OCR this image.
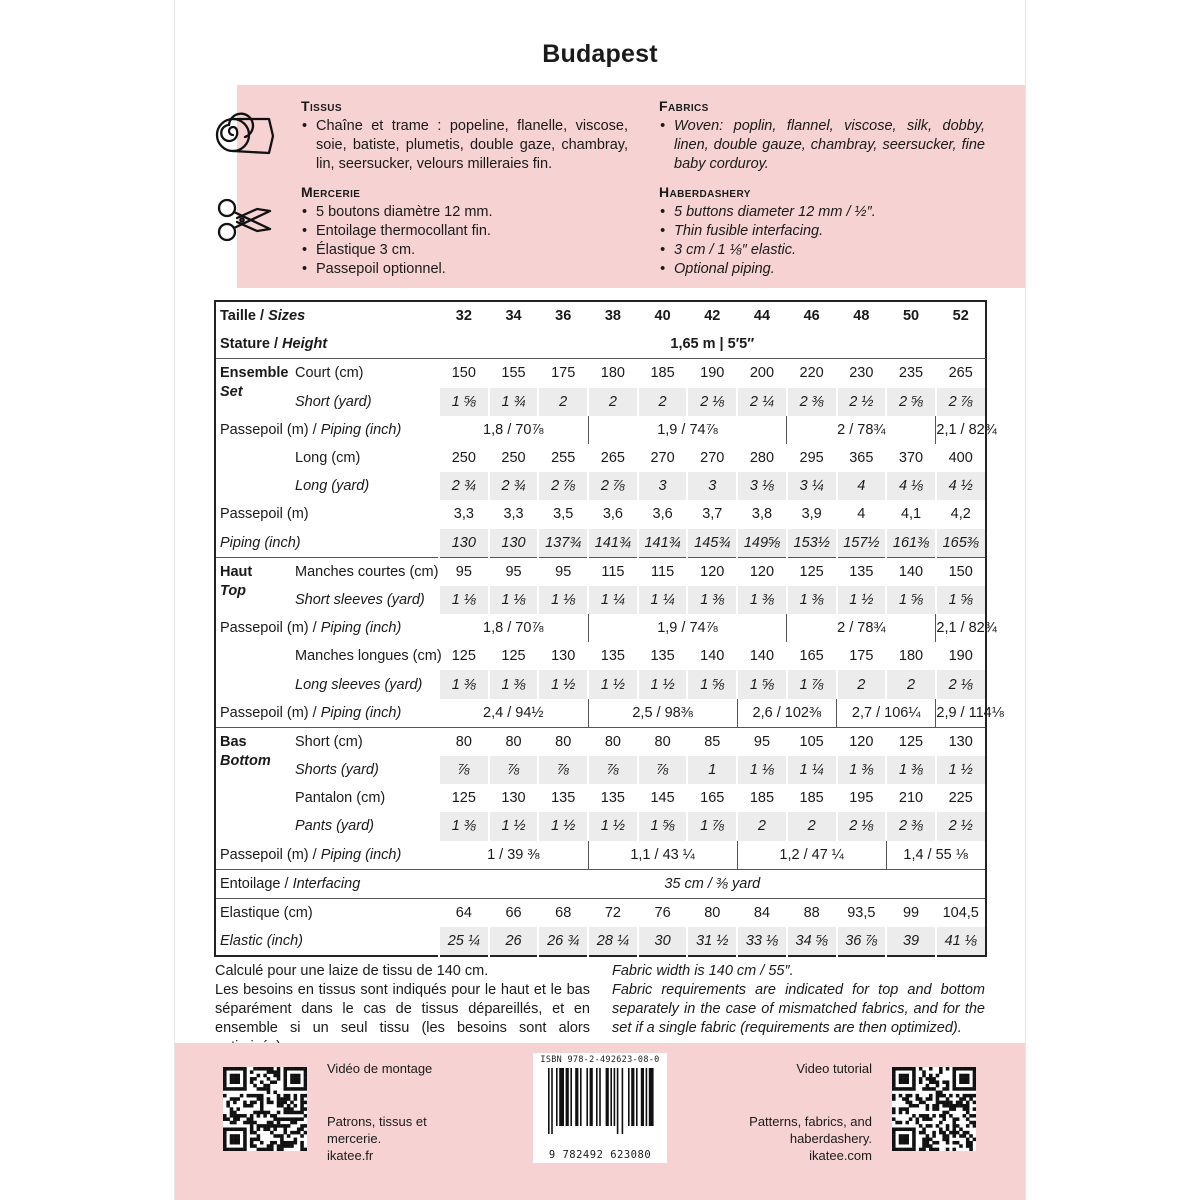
Budapest
Tissus
• Chaîne et trame : popeline, flanelle, viscose, soie, batiste, plumetis, double gaze, chambray, lin, seersucker, velours milleraies fin.
Fabrics
• Woven: poplin, flannel, viscose, silk, dobby, linen, double gauze, chambray, seersucker, fine baby corduroy.
Mercerie
• 5 boutons diamètre 12 mm.
• Entoilage thermocollant fin.
• Élastique 3 cm.
• Passepoil optionnel.
Haberdashery
• 5 buttons diameter 12 mm / ½″.
• Thin fusible interfacing.
• 3 cm / 1 ⅛″ elastic.
• Optional piping.
Taille / Sizes		32	34	36	38	40	42	44	46	48	50	52
Stature / Height		1,65 m | 5′5″										

Ensemble
Set	Court (cm)	150	155	175	180	185	190	200	220	230	235	265
	Short (yard)	1 ⅝	1 ¾	2	2	2	2 ⅛	2 ¼	2 ⅜	2 ½	2 ⅝	2 ⅞
Passepoil (m) / Piping (inch)		1,8 / 70⅞			1,9 / 74⅞				2 / 78¾			2,1 / 82¾
	Long (cm)	250	250	255	265	270	270	280	295	365	370	400
	Long (yard)	2 ¾	2 ¾	2 ⅞	2 ⅞	3	3	3 ⅛	3 ¼	4	4 ⅛	4 ½
Passepoil (m)		3,3	3,3	3,5	3,6	3,6	3,7	3,8	3,9	4	4,1	4,2
Piping (inch)		130	130	137¾	141¾	141¾	145¾	149⅝	153½	157½	161⅜	165⅜

Haut
Top	Manches courtes (cm)	95	95	95	115	115	120	120	125	135	140	150
	Short sleeves (yard)	1 ⅛	1 ⅛	1 ⅛	1 ¼	1 ¼	1 ⅜	1 ⅜	1 ⅜	1 ½	1 ⅝	1 ⅝
Passepoil (m) / Piping (inch)		1,8 / 70⅞			1,9 / 74⅞				2 / 78¾			2,1 / 82¾
	Manches longues (cm)	125	125	130	135	135	140	140	165	175	180	190
	Long sleeves (yard)	1 ⅜	1 ⅜	1 ½	1 ½	1 ½	1 ⅝	1 ⅝	1 ⅞	2	2	2 ⅛
Passepoil (m) / Piping (inch)		2,4 / 94½			2,5 / 98⅜			2,6 / 102⅜		2,7 / 106¼		2,9 / 114⅛

Bas
Bottom	Short (cm)	80	80	80	80	80	85	95	105	120	125	130
	Shorts (yard)	⅞	⅞	⅞	⅞	⅞	1	1 ⅛	1 ¼	1 ⅜	1 ⅜	1 ½
	Pantalon (cm)	125	130	135	135	145	165	185	185	195	210	225
	Pants (yard)	1 ⅜	1 ½	1 ½	1 ½	1 ⅝	1 ⅞	2	2	2 ⅛	2 ⅜	2 ½
Passepoil (m) / Piping (inch)		1 / 39 ⅜			1,1 / 43 ¼			1,2 / 47 ¼			1,4 / 55 ⅛	
Entoilage / Interfacing		35 cm / ⅜ yard										
Elastique (cm)		64	66	68	72	76	80	84	88	93,5	99	104,5
Elastic (inch)		25 ¼	26	26 ¾	28 ¼	30	31 ½	33 ⅛	34 ⅝	36 ⅞	39	41 ⅛

Calculé pour une laize de tissu de 140 cm.

Les besoins en tissus sont indiqués pour le haut et le bas séparément dans le cas de tissus dépareillés, et en ensemble si un seul tissu (les besoins sont alors

Fabric width is 140 cm / 55″.

Fabric requirements are indicated for top and bottom separately in the case of mismatched fabrics, and for the set if a single fabric (requirements are then optimized).

Vidéo de montage
Patrons, tissus et mercerie.
ikatee.fr
ISBN 978-2-492623-08-0
9 782492 623080
Video tutorial
Patterns, fabrics, and haberdashery.
ikatee.com
